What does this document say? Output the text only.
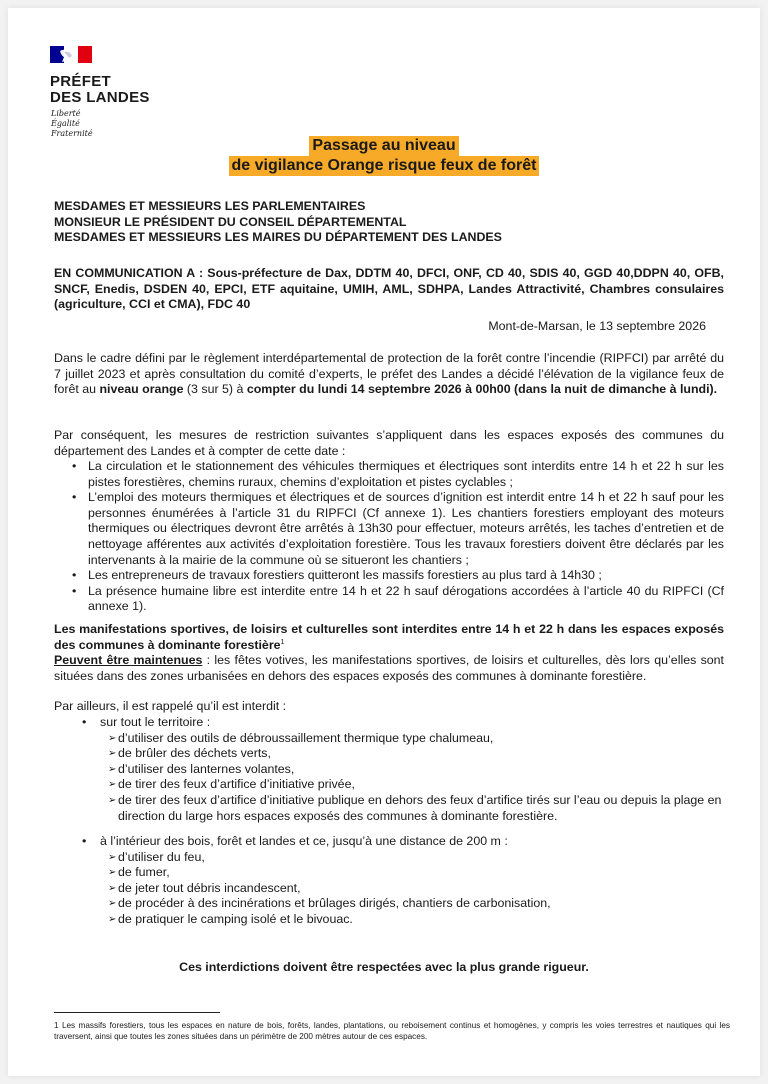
PRÉFET
DES LANDES
Liberté
Égalité
Fraternité
Passage au niveau
de vigilance Orange risque feux de forêt
MESDAMES ET MESSIEURS LES PARLEMENTAIRES
MONSIEUR LE PRÉSIDENT DU CONSEIL DÉPARTEMENTAL
MESDAMES ET MESSIEURS LES MAIRES DU DÉPARTEMENT DES LANDES
EN COMMUNICATION A : Sous-préfecture de Dax, DDTM 40, DFCI, ONF, CD 40, SDIS 40, GGD 40,DDPN 40, OFB, SNCF, Enedis, DSDEN 40, EPCI, ETF aquitaine, UMIH, AML, SDHPA, Landes Attractivité, Chambres consulaires (agriculture, CCI et CMA), FDC 40
Mont-de-Marsan, le 13 septembre 2026
Dans le cadre défini par le règlement interdépartemental de protection de la forêt contre l’incendie (RIPFCI) par arrêté du 7 juillet 2023 et après consultation du comité d’experts, le préfet des Landes a décidé l’élévation de la vigilance feux de forêt au niveau orange (3 sur 5) à compter du lundi 14 septembre 2026 à 00h00 (dans la nuit de dimanche à lundi).
Par conséquent, les mesures de restriction suivantes s’appliquent dans les espaces exposés des communes du département des Landes et à compter de cette date :
• La circulation et le stationnement des véhicules thermiques et électriques sont interdits entre 14 h et 22 h sur les pistes forestières, chemins ruraux, chemins d’exploitation et pistes cyclables ;
• L’emploi des moteurs thermiques et électriques et de sources d’ignition est interdit entre 14 h et 22 h sauf pour les personnes énumérées à l’article 31 du RIPFCI (Cf annexe 1). Les chantiers forestiers employant des moteurs thermiques ou électriques devront être arrêtés à 13h30 pour effectuer, moteurs arrêtés, les taches d’entretien et de nettoyage afférentes aux activités d’exploitation forestière. Tous les travaux forestiers doivent être déclarés par les intervenants à la mairie de la commune où se situeront les chantiers ;
• Les entrepreneurs de travaux forestiers quitteront les massifs forestiers au plus tard à 14h30 ;
• La présence humaine libre est interdite entre 14 h et 22 h sauf dérogations accordées à l’article 40 du RIPFCI (Cf annexe 1).
Les manifestations sportives, de loisirs et culturelles sont interdites entre 14 h et 22 h dans les espaces exposés des communes à dominante forestière$^1$
Peuvent être maintenues : les fêtes votives, les manifestations sportives, de loisirs et culturelles, dès lors qu’elles sont situées dans des zones urbanisées en dehors des espaces exposés des communes à dominante forestière.
Par ailleurs, il est rappelé qu’il est interdit :
• sur tout le territoire :
➢ d’utiliser des outils de débroussaillement thermique type chalumeau,
➢ de brûler des déchets verts,
➢ d’utiliser des lanternes volantes,
➢ de tirer des feux d’artifice d’initiative privée,
➢ de tirer des feux d’artifice d’initiative publique en dehors des feux d’artifice tirés sur l’eau ou depuis la plage en direction du large hors espaces exposés des communes à dominante forestière.
• à l’intérieur des bois, forêt et landes et ce, jusqu’à une distance de 200 m :
➢ d’utiliser du feu,
➢ de fumer,
➢ de jeter tout débris incandescent,
➢ de procéder à des incinérations et brûlages dirigés, chantiers de carbonisation,
➢ de pratiquer le camping isolé et le bivouac.
Ces interdictions doivent être respectées avec la plus grande rigueur.
1 Les massifs forestiers, tous les espaces en nature de bois, forêts, landes, plantations, ou reboisement continus et homogènes, y compris les voies terrestres et nautiques qui les traversent, ainsi que toutes les zones situées dans un périmètre de 200 mètres autour de ces espaces.
